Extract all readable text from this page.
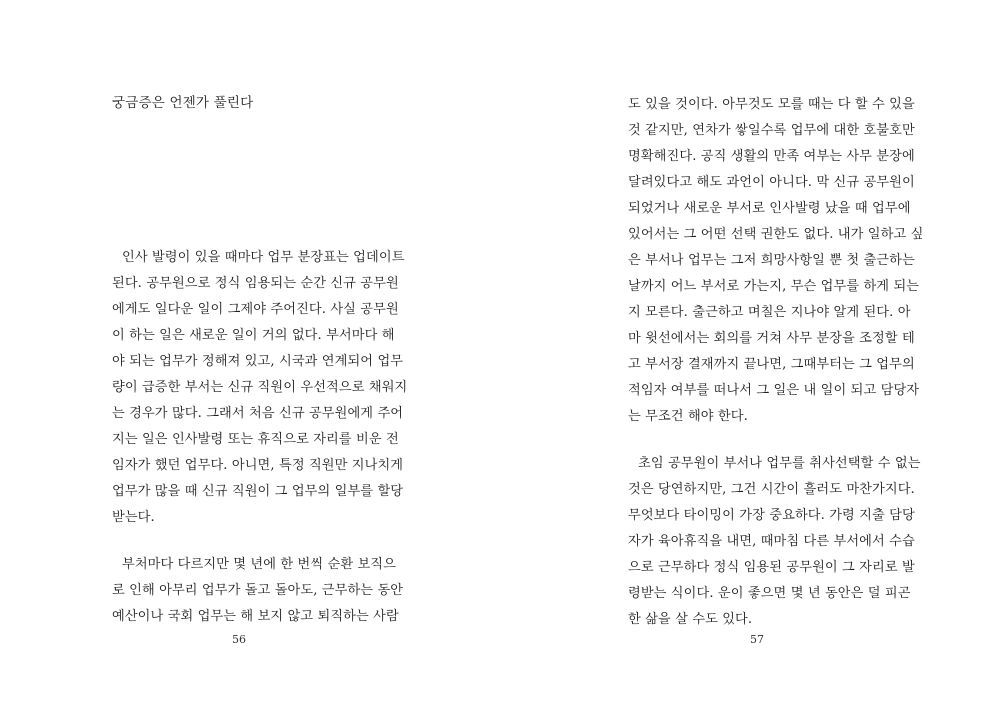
궁금증은 언젠가 풀린다
인사 발령이 있을 때마다 업무 분장표는 업데이트
된다. 공무원으로 정식 임용되는 순간 신규 공무원
에게도 일다운 일이 그제야 주어진다. 사실 공무원
이 하는 일은 새로운 일이 거의 없다. 부서마다 해
야 되는 업무가 정해져 있고, 시국과 연계되어 업무
량이 급증한 부서는 신규 직원이 우선적으로 채워지
는 경우가 많다. 그래서 처음 신규 공무원에게 주어
지는 일은 인사발령 또는 휴직으로 자리를 비운 전
임자가 했던 업무다. 아니면, 특정 직원만 지나치게
업무가 많을 때 신규 직원이 그 업무의 일부를 할당
받는다.
부처마다 다르지만 몇 년에 한 번씩 순환 보직으
로 인해 아무리 업무가 돌고 돌아도, 근무하는 동안
예산이나 국회 업무는 해 보지 않고 퇴직하는 사람
56
도 있을 것이다. 아무것도 모를 때는 다 할 수 있을
것 같지만, 연차가 쌓일수록 업무에 대한 호불호만
명확해진다. 공직 생활의 만족 여부는 사무 분장에
달려있다고 해도 과언이 아니다. 막 신규 공무원이
되었거나 새로운 부서로 인사발령 났을 때 업무에
있어서는 그 어떤 선택 권한도 없다. 내가 일하고 싶
은 부서나 업무는 그저 희망사항일 뿐 첫 출근하는
날까지 어느 부서로 가는지, 무슨 업무를 하게 되는
지 모른다. 출근하고 며칠은 지나야 알게 된다. 아
마 윗선에서는 회의를 거쳐 사무 분장을 조정할 테
고 부서장 결재까지 끝나면, 그때부터는 그 업무의
적임자 여부를 떠나서 그 일은 내 일이 되고 담당자
는 무조건 해야 한다.
초임 공무원이 부서나 업무를 취사선택할 수 없는
것은 당연하지만, 그건 시간이 흘러도 마찬가지다.
무엇보다 타이밍이 가장 중요하다. 가령 지출 담당
자가 육아휴직을 내면, 때마침 다른 부서에서 수습
으로 근무하다 정식 임용된 공무원이 그 자리로 발
령받는 식이다. 운이 좋으면 몇 년 동안은 덜 피곤
한 삶을 살 수도 있다.
57
